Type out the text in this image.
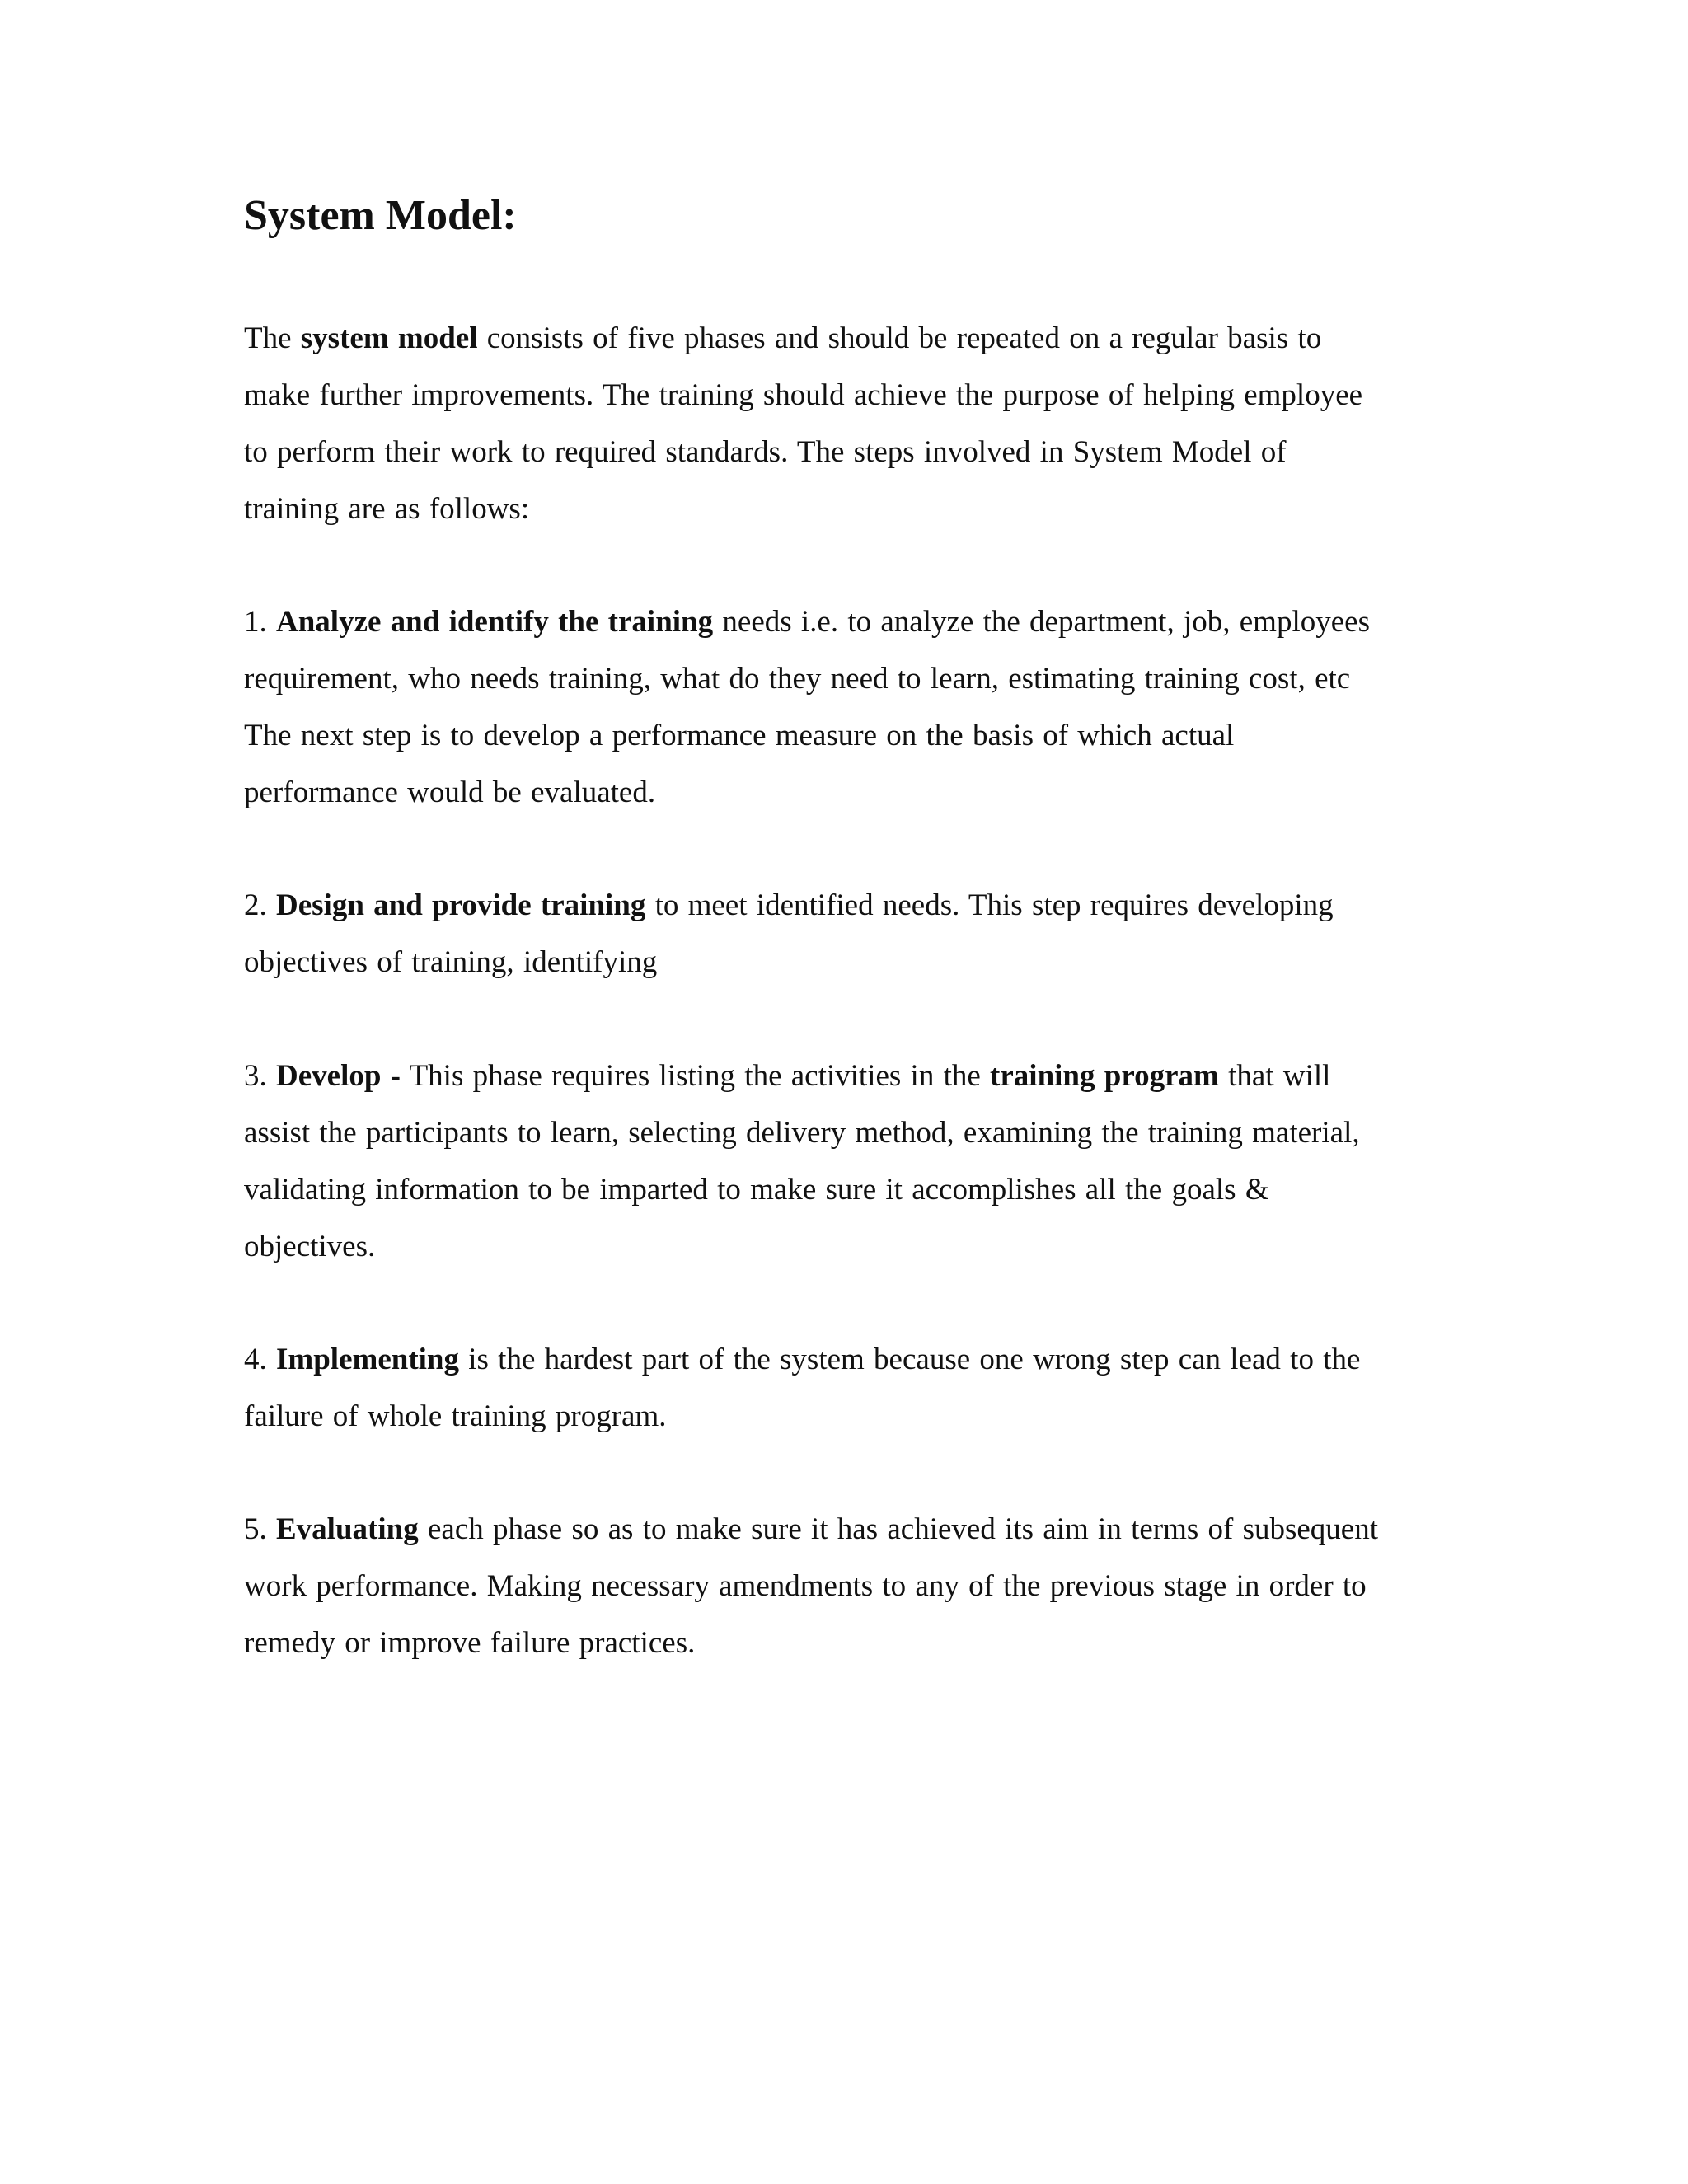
System Model:

The system model consists of five phases and should be repeated on a regular basis to
make further improvements. The training should achieve the purpose of helping employee
to perform their work to required standards. The steps involved in System Model of
training are as follows:

1. Analyze and identify the training needs i.e. to analyze the department, job, employees
requirement, who needs training, what do they need to learn, estimating training cost, etc
The next step is to develop a performance measure on the basis of which actual
performance would be evaluated.

2. Design and provide training to meet identified needs. This step requires developing
objectives of training, identifying

3. Develop - This phase requires listing the activities in the training program that will
assist the participants to learn, selecting delivery method, examining the training material,
validating information to be imparted to make sure it accomplishes all the goals &
objectives.

4. Implementing is the hardest part of the system because one wrong step can lead to the
failure of whole training program.

5. Evaluating each phase so as to make sure it has achieved its aim in terms of subsequent
work performance. Making necessary amendments to any of the previous stage in order to
remedy or improve failure practices.
